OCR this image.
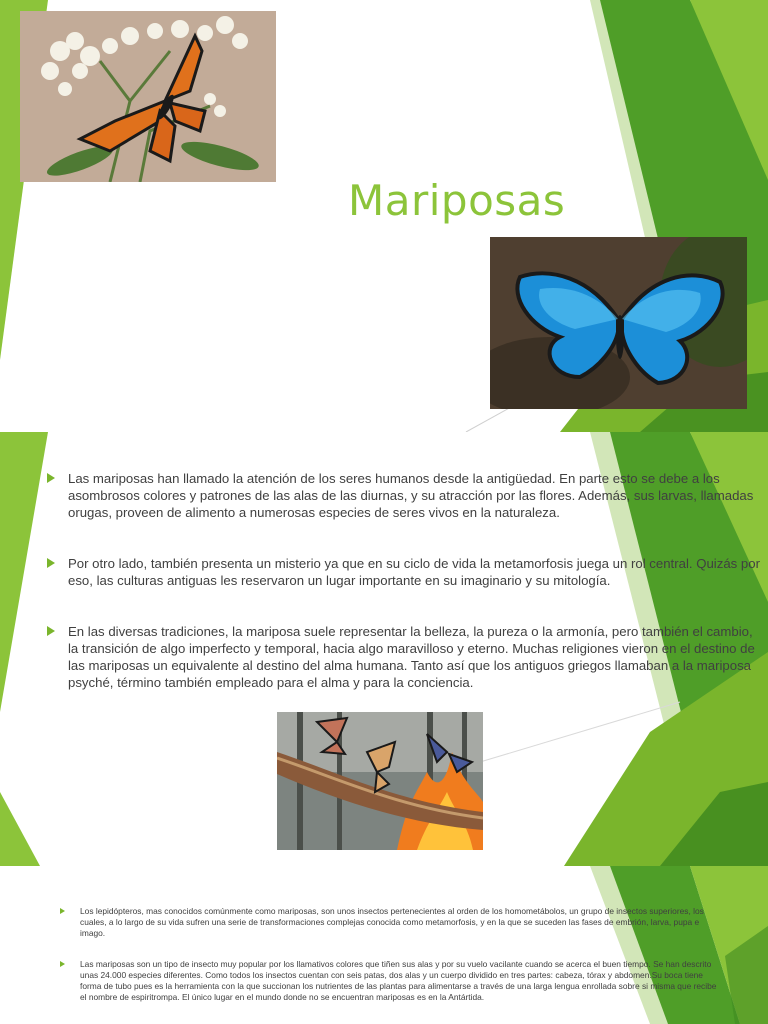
Mariposas
Las mariposas han llamado la atención de los seres humanos desde la antigüedad. En parte esto se debe a los asombrosos colores y patrones de las alas de las diurnas, y su atracción por las flores. Además, sus larvas, llamadas orugas, proveen de alimento a numerosas especies de seres vivos en la naturaleza.
Por otro lado, también presenta un misterio ya que en su ciclo de vida la metamorfosis juega un rol central. Quizás por eso, las culturas antiguas les reservaron un lugar importante en su imaginario y su mitología.
En las diversas tradiciones, la mariposa suele representar la belleza, la pureza o la armonía, pero también el cambio, la transición de algo imperfecto y temporal, hacia algo maravilloso y eterno. Muchas religiones vieron en el destino de las mariposas un equivalente al destino del alma humana. Tanto así que los antiguos griegos llamaban a la mariposa psyché, término también empleado para el alma y para la conciencia.
Los lepidópteros, mas conocidos comúnmente como mariposas, son unos insectos pertenecientes al orden de los homometábolos, un grupo de insectos superiores, los cuales, a lo largo de su vida sufren una serie de transformaciones complejas conocida como metamorfosis, y en la que se suceden las fases de embrión, larva, pupa e imago.
Las mariposas son un tipo de insecto muy popular por los llamativos colores que tiñen sus alas y por su vuelo vacilante cuando se acerca el buen tiempo. Se han descrito unas 24.000 especies diferentes. Como todos los insectos cuentan con seis patas, dos alas y un cuerpo dividido en tres partes: cabeza, tórax y abdomen.Su boca tiene forma de tubo pues es la herramienta con la que succionan los nutrientes de las plantas para alimentarse a través de una larga lengua enrollada sobre si misma que recibe el nombre de espiritrompa. El único lugar en el mundo donde no se encuentran mariposas es en la Antártida.
